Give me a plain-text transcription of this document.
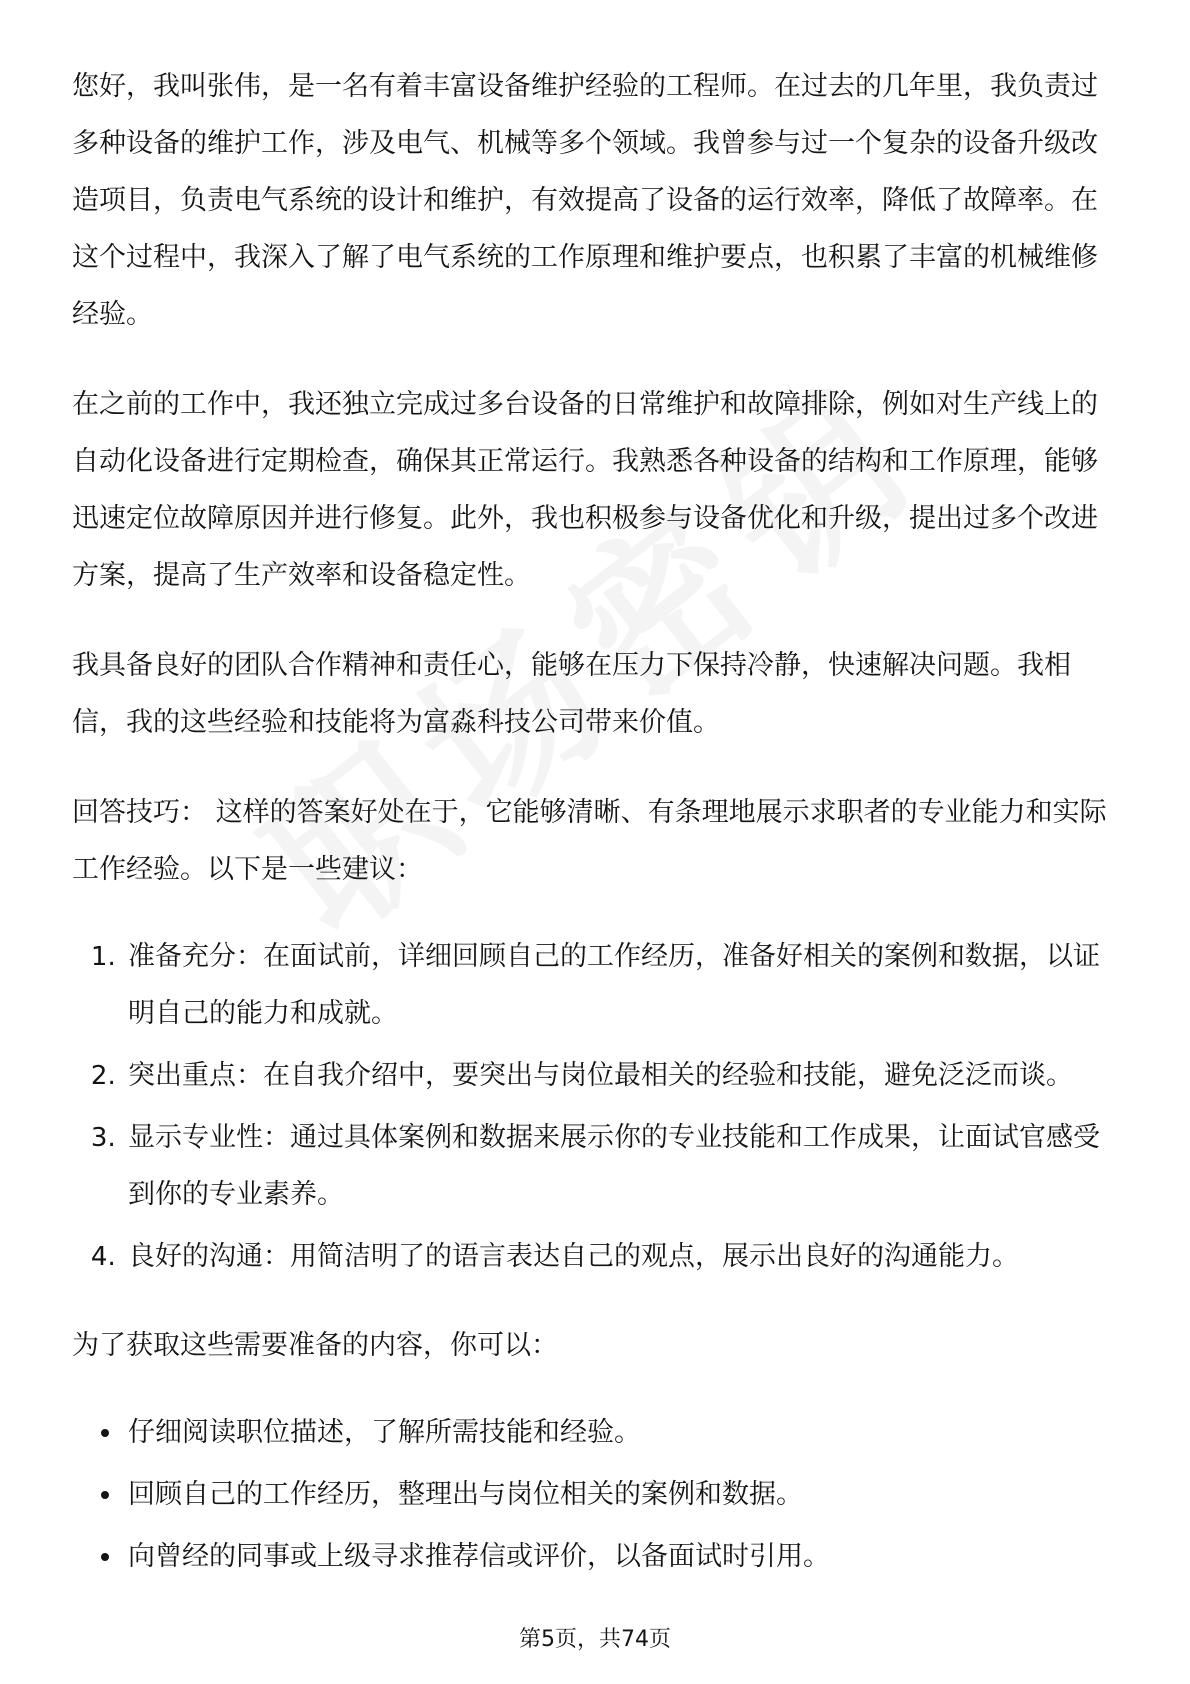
您好，我叫张伟，是一名有着丰富设备维护经验的工程师。在过去的几年里，我负责过多种设备的维护工作，涉及电气、机械等多个领域。我曾参与过一个复杂的设备升级改造项目，负责电气系统的设计和维护，有效提高了设备的运行效率，降低了故障率。在这个过程中，我深入了解了电气系统的工作原理和维护要点，也积累了丰富的机械维修经验。

在之前的工作中，我还独立完成过多台设备的日常维护和故障排除，例如对生产线上的自动化设备进行定期检查，确保其正常运行。我熟悉各种设备的结构和工作原理，能够迅速定位故障原因并进行修复。此外，我也积极参与设备优化和升级，提出过多个改进方案，提高了生产效率和设备稳定性。

我具备良好的团队合作精神和责任心，能够在压力下保持冷静，快速解决问题。我相信，我的这些经验和技能将为富淼科技公司带来价值。

回答技巧： 这样的答案好处在于，它能够清晰、有条理地展示求职者的专业能力和实际工作经验。以下是一些建议：

1. 准备充分：在面试前，详细回顾自己的工作经历，准备好相关的案例和数据，以证明自己的能力和成就。
2. 突出重点：在自我介绍中，要突出与岗位最相关的经验和技能，避免泛泛而谈。
3. 显示专业性：通过具体案例和数据来展示你的专业技能和工作成果，让面试官感受到你的专业素养。
4. 良好的沟通：用简洁明了的语言表达自己的观点，展示出良好的沟通能力。

为了获取这些需要准备的内容，你可以：

• 仔细阅读职位描述，了解所需技能和经验。
• 回顾自己的工作经历，整理出与岗位相关的案例和数据。
• 向曾经的同事或上级寻求推荐信或评价，以备面试时引用。
第5页，共74页
